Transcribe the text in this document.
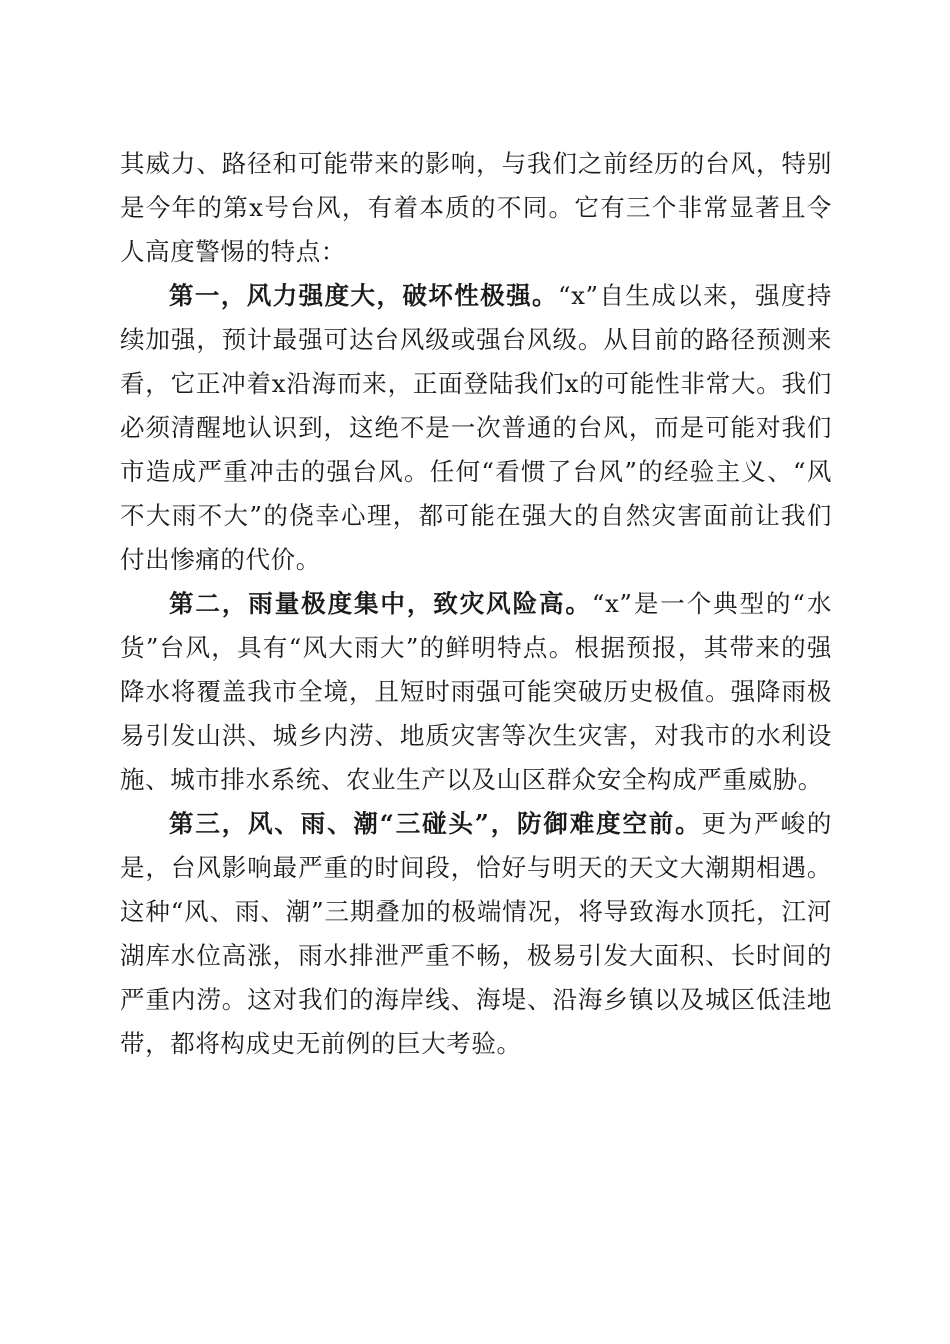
其威力、路径和可能带来的影响，与我们之前经历的台风，特别是今年的第x号台风，有着本质的不同。它有三个非常显著且令人高度警惕的特点：

第一，风力强度大，破坏性极强。“x”自生成以来，强度持续加强，预计最强可达台风级或强台风级。从目前的路径预测来看，它正冲着x沿海而来，正面登陆我们x的可能性非常大。我们必须清醒地认识到，这绝不是一次普通的台风，而是可能对我们市造成严重冲击的强台风。任何“看惯了台风”的经验主义、“风不大雨不大”的侥幸心理，都可能在强大的自然灾害面前让我们付出惨痛的代价。

第二，雨量极度集中，致灾风险高。“x”是一个典型的“水货”台风，具有“风大雨大”的鲜明特点。根据预报，其带来的强降水将覆盖我市全境，且短时雨强可能突破历史极值。强降雨极易引发山洪、城乡内涝、地质灾害等次生灾害，对我市的水利设施、城市排水系统、农业生产以及山区群众安全构成严重威胁。

第三，风、雨、潮“三碰头”，防御难度空前。更为严峻的是，台风影响最严重的时间段，恰好与明天的天文大潮期相遇。这种“风、雨、潮”三期叠加的极端情况，将导致海水顶托，江河湖库水位高涨，雨水排泄严重不畅，极易引发大面积、长时间的严重内涝。这对我们的海岸线、海堤、沿海乡镇以及城区低洼地带，都将构成史无前例的巨大考验。
